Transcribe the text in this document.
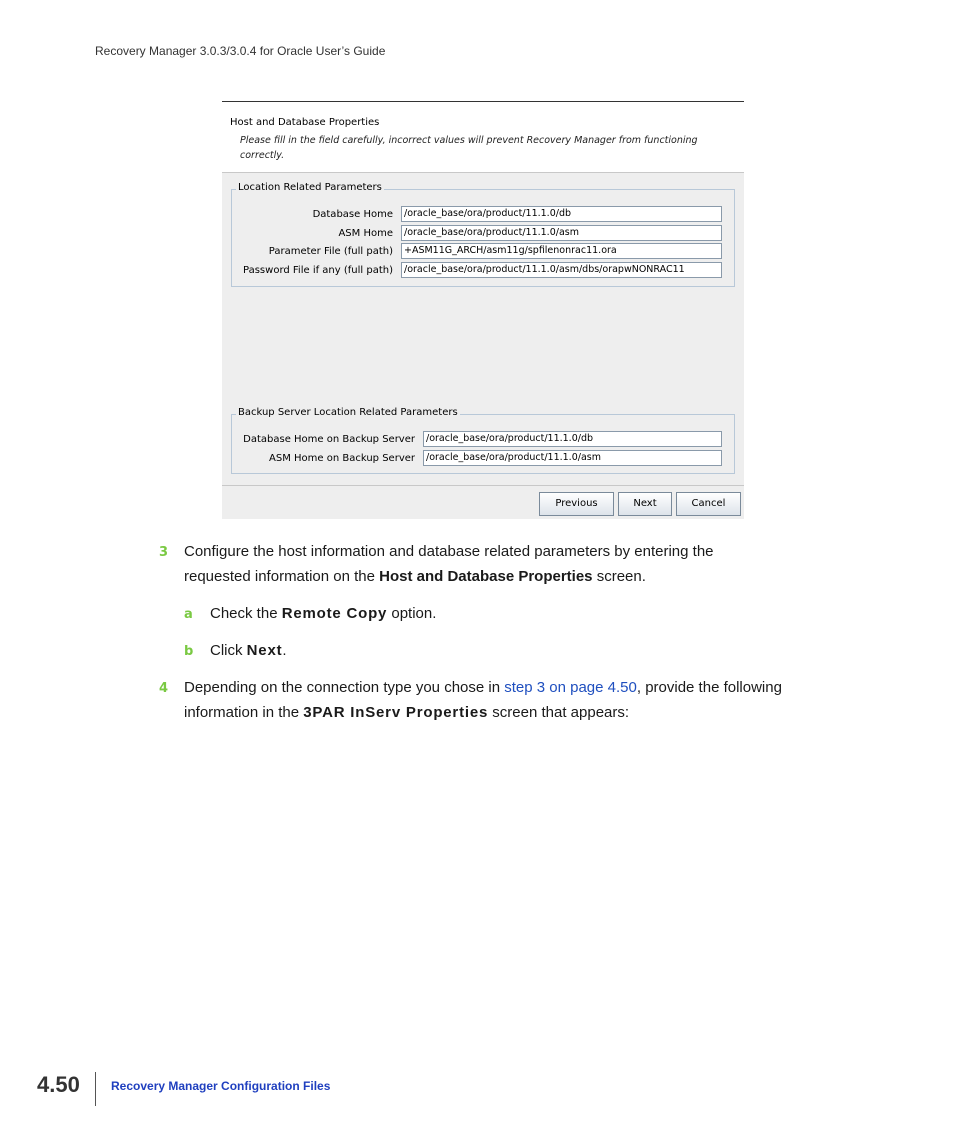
Recovery Manager 3.0.3/3.0.4 for Oracle User’s Guide
Host and Database Properties
Please fill in the field carefully, incorrect values will prevent Recovery Manager from functioning correctly.
Location Related Parameters
Database Home	/oracle_base/ora/product/11.1.0/db
ASM Home	/oracle_base/ora/product/11.1.0/asm
Parameter File (full path)	+ASM11G_ARCH/asm11g/spfilenonrac11.ora
Password File if any (full path)	/oracle_base/ora/product/11.1.0/asm/dbs/orapwNONRAC11
Backup Server Location Related Parameters
Database Home on Backup Server	/oracle_base/ora/product/11.1.0/db
ASM Home on Backup Server	/oracle_base/ora/product/11.1.0/asm
Previous	Next	Cancel
3 Configure the host information and database related parameters by entering the
requested information on the Host and Database Properties screen.
a Check the Remote Copy option.
b Click Next.
4 Depending on the connection type you chose in step 3 on page 4.50, provide the following
information in the 3PAR InServ Properties screen that appears:
4.50	Recovery Manager Configuration Files
